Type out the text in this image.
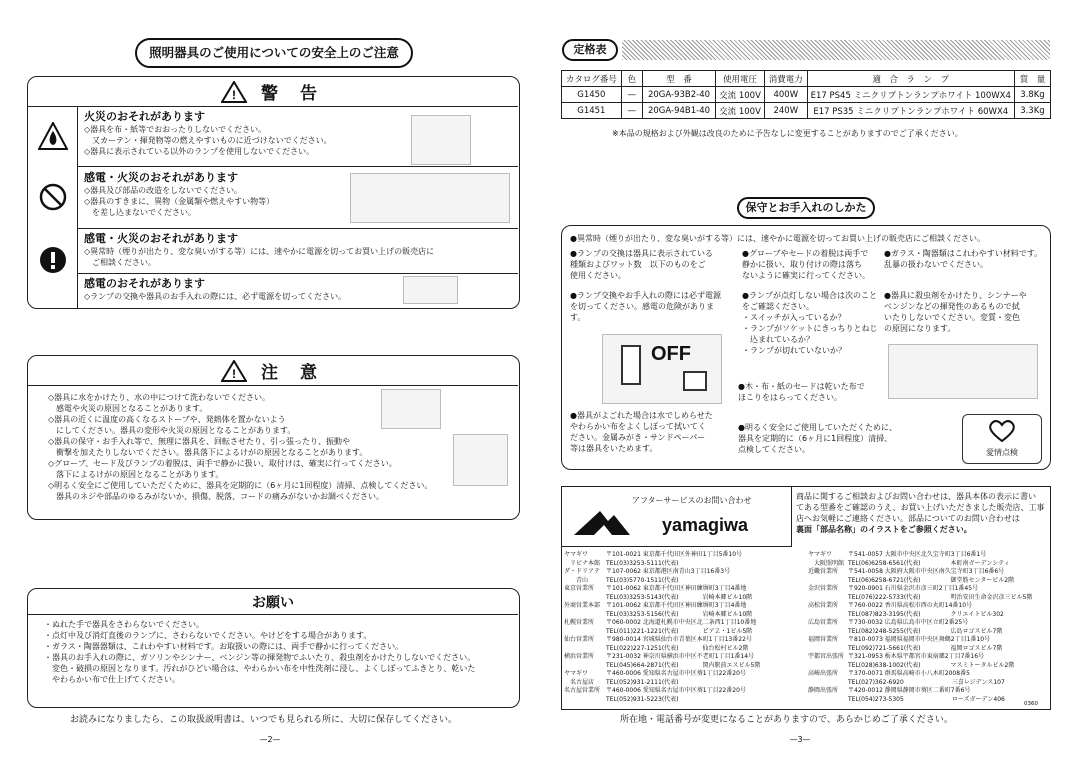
照明器具のご使用についての安全上のご注意
! 警 告
火災のおそれがあります
◇器具を布・紙等でおおったりしないでください。
　又カーテン・揮発物等の燃えやすいものに近づけないでください。
◇器具に表示されている以外のランプを使用しないでください。
感電・火災のおそれがあります
◇器具及び部品の改造をしないでください。
◇器具のすきまに、異物（金属類や燃えやすい物等）
　を差し込まないでください。
感電・火災のおそれがあります
◇異常時（煙りが出たり、変な臭いがする等）には、速やかに電源を切ってお買い上げの販売店に
　ご相談ください。
感電のおそれがあります
◇ランプの交換や器具のお手入れの際には、必ず電源を切ってください。
! 注 意
◇器具に水をかけたり、水の中につけて洗わないでください。
　感電や火災の原因となることがあります。
◇器具の近くに温度の高くなるストーブや、発熱体を置かないよう
　にしてください。器具の変形や火災の原因となることがあります。
◇器具の保守・お手入れ等で、無理に器具を、回転させたり、引っ張ったり、振動や
　衝撃を加えたりしないでください。器具落下によるけがの原因となることがあります。
◇グローブ、セード及びランプの着脱は、両手で静かに扱い、取付けは、確実に行ってください。
　落下によるけがの原因となることがあります。
◇明るく安全にご使用していただくために、器具を定期的に（6ヶ月に1回程度）清掃、点検してください。
　器具のネジや部品のゆるみがないか、損傷、脱落、コードの痛みがないかお調べください。
お願い
・ぬれた手で器具をさわらないでください。
・点灯中及び消灯直後のランプに、さわらないでください。やけどをする場合があります。
・ガラス・陶器器類は、これわやすい材料です。お取扱いの際には、両手で静かに行ってください。
・器具のお手入れの際に、ガソリンやシンナー、ベンジン等の揮発物でふいたり、殺虫剤をかけたりしないでください。
　変色・破損の原因となります。汚れがひどい場合は、やわらかい布を中性洗剤に浸し、よくしぼってふきとり、乾いた
　やわらかい布で仕上げてください。
お読みになりましたら、この取扱説明書は、いつでも見られる所に、大切に保存してください。
—2—
定格表
カタログ番号	色	型　番	使用電圧	消費電力	適　合　ラ　ン　プ	質　量
G1450	—	20GA-93B2-40	交流 100V	400W	E17 PS45 ミニクリプトンランプホワイト 100WX4	3.8Kg
G1451	—	20GA-94B1-40	交流 100V	240W	E17 PS35 ミニクリプトンランプホワイト 60WX4	3.3Kg
※本品の規格および外観は改良のために予告なしに変更することがありますのでご了承ください。
保守とお手入れのしかた
●異常時（煙りが出たり、変な臭いがする等）には、速やかに電源を切ってお買い上げの販売店にご相談ください。
●ランプの交換は器具に表示されている
種類およびワット数　以下のものをご
使用ください。
●ランプ交換やお手入れの際には必ず電源
を切ってください。感電の危険がありま
す。
●グローブやセードの着脱は両手で
静かに扱い、取り付けの際は落ち
ないように確実に行ってください。
●ランプが点灯しない場合は次のこと
をご確認ください。
・スイッチが入っているか？
・ランプがソケットにきっちりとねじ
　込まれているか？
・ランプが切れていないか？
●ガラス・陶器類はこれわやすい材料です。
乱暴の扱わないでください。
●器具に殺虫剤をかけたり、シンナーや
ベンジンなどの揮発性のあるもので拭
いたりしないでください。変質・変色
の原因になります。
OFF
●木・布・紙のセードは乾いた布で
ほこりをはらってください。
●器具がよごれた場合は水でしめらせた
やわらかい布をよくしぼって拭いてく
ださい。金属みがき・サンドペーパー
等は器具をいためます。
●明るく安全にご使用していただくために、
器具を定期的に（6ヶ月に1回程度）清掃、
点検してください。	愛情点検
アフターサービスのお問い合わせ
yamagiwa
商品に関するご相談およびお問い合わせは、器具本体の表示に書い
てある型番をご確認のうえ、お買い上げいただきました販売店、工事
店へお気軽にご連絡ください。部品についてのお問い合わせは
裏面「部品名称」のイラストをご参照ください。
ヤマギワ	〒101-0021 東京都千代田区外神田1丁目5番10号
　リビナ本館 TEL(03)3253-5111(代表)
ダ・ドリアテ 〒107-0062 東京都港区南青山3丁目16番3号
　　青山	TEL(03)5770-1511(代表)
東京営業所	〒101-0062 東京都千代田区神田練塀町3丁目4番地
TEL(03)3253-5143(代表)　　　　岩崎本郷ビル10階
外商営業本部 〒101-0062 東京都千代田区神田練塀町3丁目4番地
TEL(03)3253-5156(代表)　　　　岩崎本郷ビル10階
札幌営業所	〒060-0002 北海道札幌市中央区北二条西1丁目10番地
TEL(011)221-1221(代表)　　　　ピアＺ・1ビル5階
仙台営業所	〒980-0014 宮城県仙台市青葉区本町1丁目13番22号
TEL(022)227-1251(代表)　　　　仙台松村ビル2階
横浜営業所	〒231-0032 神奈川県横浜市中区不老町1丁目1番14号
TEL(045)664-2871(代表)　　　　関内駅前エスビル5階
ヤマギワ	〒460-0006 愛知県名古屋市中区葵1丁目22番20号
　名古屋店	TEL(052)931-2111(代表)
名古屋営業所 〒460-0006 愛知県名古屋市中区葵1丁目22番20号
TEL(052)931-5223(代表)
ヤマギワ	〒541-0057 大阪市中央区北久宝寺町3丁目6番1号
　大阪照明館 TEL(06)6258-6561(代表)　　　　　本町南ガーデンシティ
近畿営業所	〒541-0058 大阪府大阪市中央区南久宝寺町3丁目6番6号
TEL(06)6258-6721(代表)　　　　　御堂筋センタービル2階
金沢営業所	〒920-0901 石川県金沢市彦三町2丁目1番45号
TEL(076)222-5733(代表)　　　　　明治安田生命金沢彦三ビル5階
高松営業所	〒760-0022 香川県高松市西の丸町14番10号
TEL(087)823-3195(代表)　　　　　クリエイトビル302
広島営業所	〒730-0032 広島県広島市中区立町2番25号
TEL(082)248-5255(代表)　　　　　広島ロゴスビル7階
福岡営業所	〒810-0073 福岡県福岡市中央区舞鶴2丁目1番10号
TEL(092)721-5661(代表)　　　　　福岡ロゴスビル7階
宇都宮出張所 〒321-0953 栃木県宇都宮市東宿郷2丁目7番16号
TEL(028)638-1002(代表)　　　　　マスミトータルビル2階
高崎出張所	〒370-0071 群馬県高崎市小八木町2008番5
TEL(027)362-6920　　　　　　　　三喜レジデンス107
静岡出張所	〒420-0012 静岡県静岡市葵区二番町7番6号
TEL(054)273-5305　　　　　　　　ローズガーデン406
0360
所在地・電話番号が変更になることがありますので、あらかじめご了承ください。
—3—
